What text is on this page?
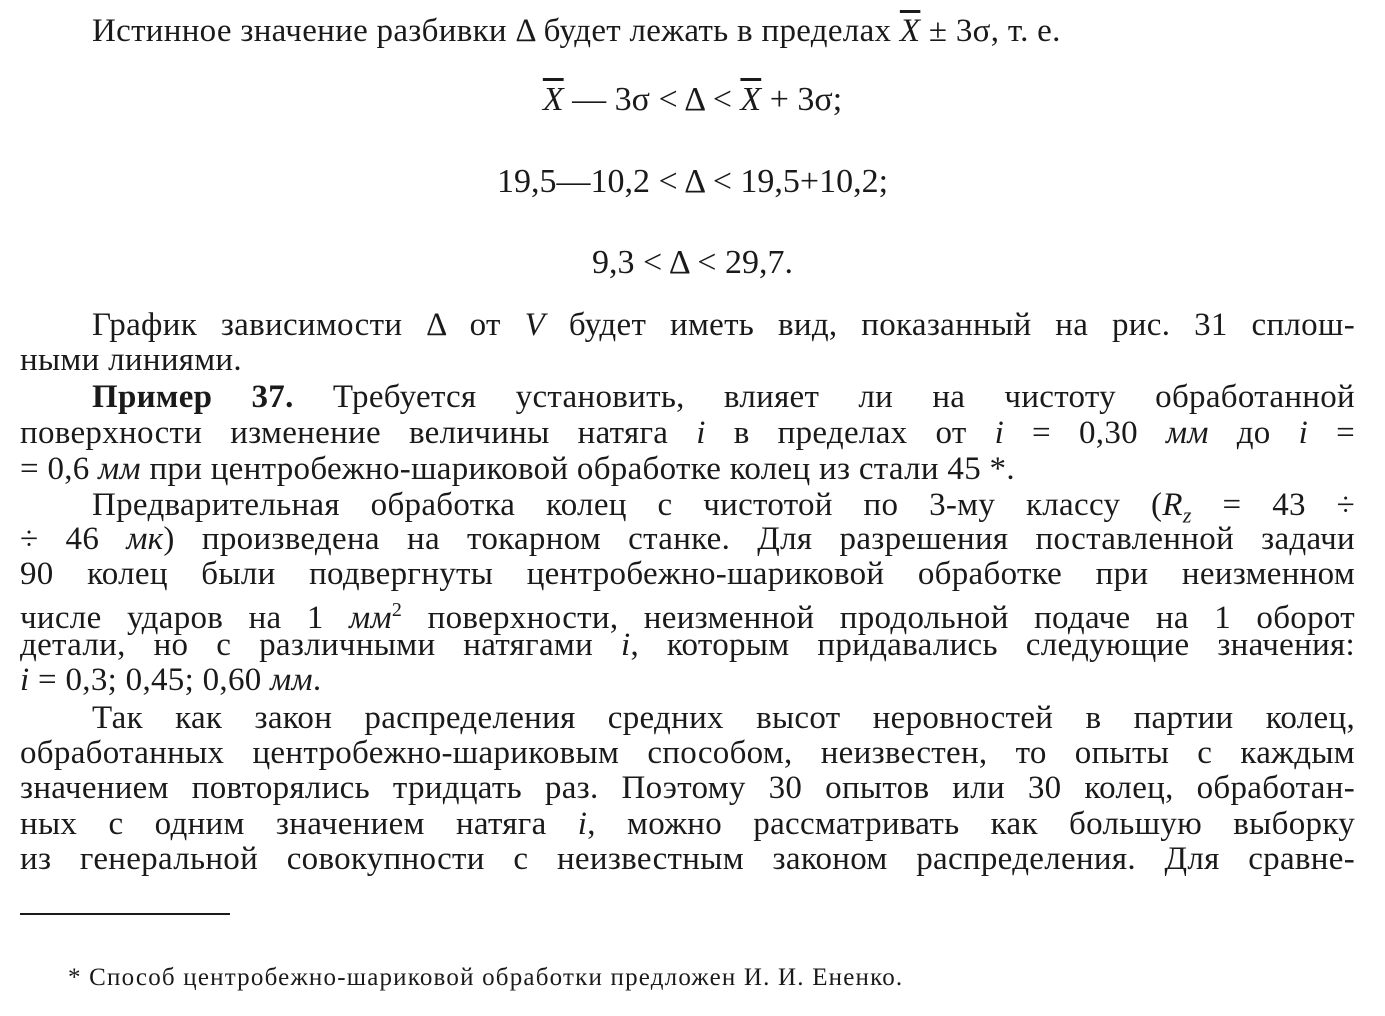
Истинное значение разбивки Δ будет лежать в пределах $\overline{X} \pm 3\sigma$, т. е.
$\overline{X}$ — $3\sigma < \Delta < \overline{X} + 3\sigma$;
19,5—10,2 < Δ < 19,5+10,2;
9,3 < Δ < 29,7.
График зависимости Δ от V будет иметь вид, показанный на рис. 31 сплош-
ными линиями.
Пример 37. Требуется установить, влияет ли на чистоту обработанной
поверхности изменение величины натяга i в пределах от i = 0,30 мм до i =
= 0,6 мм при центробежно-шариковой обработке колец из стали 45 *.
Предварительная обработка колец с чистотой по 3-му классу ($R_z = 43$ ÷
÷ 46 мк) произведена на токарном станке. Для разрешения поставленной задачи
90 колец были подвергнуты центробежно-шариковой обработке при неизменном
числе ударов на 1 $мм^2$ поверхности, неизменной продольной подаче на 1 оборот
детали, но с различными натягами i, которым придавались следующие значения:
i = 0,3; 0,45; 0,60 мм.
Так как закон распределения средних высот неровностей в партии колец,
обработанных центробежно-шариковым способом, неизвестен, то опыты с каждым
значением повторялись тридцать раз. Поэтому 30 опытов или 30 колец, обработан-
ных с одним значением натяга i, можно рассматривать как большую выборку
из генеральной совокупности с неизвестным законом распределения. Для сравне-
* Способ центробежно-шариковой обработки предложен И. И. Ененко.
